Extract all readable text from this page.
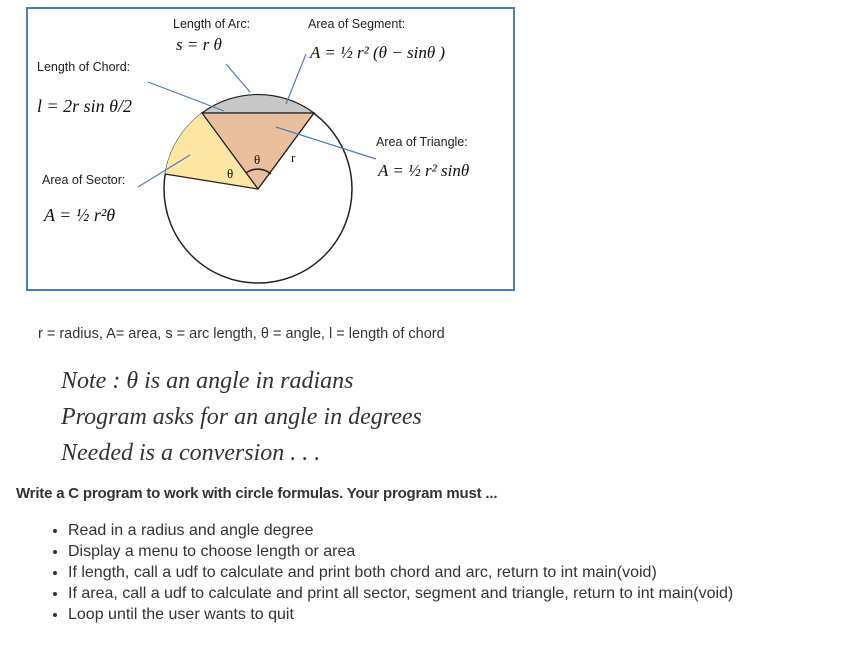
Length of Arc:
s = r θ
Area of Segment:
A = ½ r² (θ − sinθ )
Length of Chord:
l = 2r sin θ/2
Area of Triangle:
A = ½ r² sinθ
Area of Sector:
A = ½ r²θ
θ
θ r
r = radius, A= area, s = arc length, θ = angle, l = length of chord
Note : θ is an angle in radians
Program asks for an angle in degrees
Needed is a conversion . . .
Write a C program to work with circle formulas. Your program must ...
• Read in a radius and angle degree
• Display a menu to choose length or area
• If length, call a udf to calculate and print both chord and arc, return to int main(void)
• If area, call a udf to calculate and print all sector, segment and triangle, return to int main(void)
• Loop until the user wants to quit
